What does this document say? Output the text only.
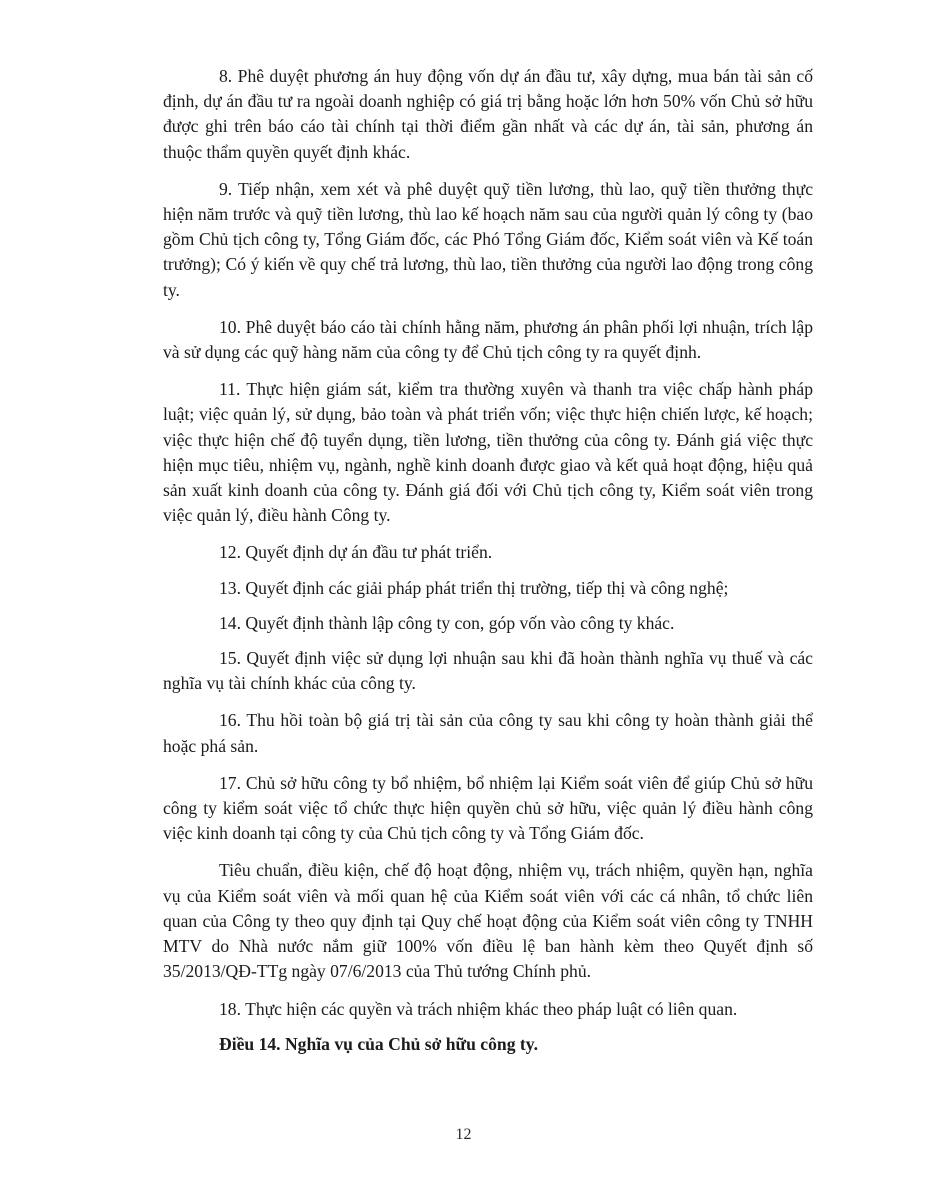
8. Phê duyệt phương án huy động vốn dự án đầu tư, xây dựng, mua bán tài sản cố định, dự án đầu tư ra ngoài doanh nghiệp có giá trị bằng hoặc lớn hơn 50% vốn Chủ sở hữu được ghi trên báo cáo tài chính tại thời điểm gần nhất và các dự án, tài sản, phương án thuộc thẩm quyền quyết định khác.

9. Tiếp nhận, xem xét và phê duyệt quỹ tiền lương, thù lao, quỹ tiền thưởng thực hiện năm trước và quỹ tiền lương, thù lao kế hoạch năm sau của người quản lý công ty (bao gồm Chủ tịch công ty, Tổng Giám đốc, các Phó Tổng Giám đốc, Kiểm soát viên và Kế toán trưởng); Có ý kiến về quy chế trả lương, thù lao, tiền thưởng của người lao động trong công ty.

10. Phê duyệt báo cáo tài chính hằng năm, phương án phân phối lợi nhuận, trích lập và sử dụng các quỹ hàng năm của công ty để Chủ tịch công ty ra quyết định.

11. Thực hiện giám sát, kiểm tra thường xuyên và thanh tra việc chấp hành pháp luật; việc quản lý, sử dụng, bảo toàn và phát triển vốn; việc thực hiện chiến lược, kế hoạch; việc thực hiện chế độ tuyển dụng, tiền lương, tiền thưởng của công ty. Đánh giá việc thực hiện mục tiêu, nhiệm vụ, ngành, nghề kinh doanh được giao và kết quả hoạt động, hiệu quả sản xuất kinh doanh của công ty. Đánh giá đối với Chủ tịch công ty, Kiểm soát viên trong việc quản lý, điều hành Công ty.

12. Quyết định dự án đầu tư phát triển.

13. Quyết định các giải pháp phát triển thị trường, tiếp thị và công nghệ;

14. Quyết định thành lập công ty con, góp vốn vào công ty khác.

15. Quyết định việc sử dụng lợi nhuận sau khi đã hoàn thành nghĩa vụ thuế và các nghĩa vụ tài chính khác của công ty.

16. Thu hồi toàn bộ giá trị tài sản của công ty sau khi công ty hoàn thành giải thể hoặc phá sản.

17. Chủ sở hữu công ty bổ nhiệm, bổ nhiệm lại Kiểm soát viên để giúp Chủ sở hữu công ty kiểm soát việc tổ chức thực hiện quyền chủ sở hữu, việc quản lý điều hành công việc kinh doanh tại công ty của Chủ tịch công ty và Tổng Giám đốc.

Tiêu chuẩn, điều kiện, chế độ hoạt động, nhiệm vụ, trách nhiệm, quyền hạn, nghĩa vụ của Kiểm soát viên và mối quan hệ của Kiểm soát viên với các cá nhân, tổ chức liên quan của Công ty theo quy định tại Quy chế hoạt động của Kiểm soát viên công ty TNHH MTV do Nhà nước nắm giữ 100% vốn điều lệ ban hành kèm theo Quyết định số 35/2013/QĐ-TTg ngày 07/6/2013 của Thủ tướng Chính phủ.

18. Thực hiện các quyền và trách nhiệm khác theo pháp luật có liên quan.

Điều 14. Nghĩa vụ của Chủ sở hữu công ty.

12
